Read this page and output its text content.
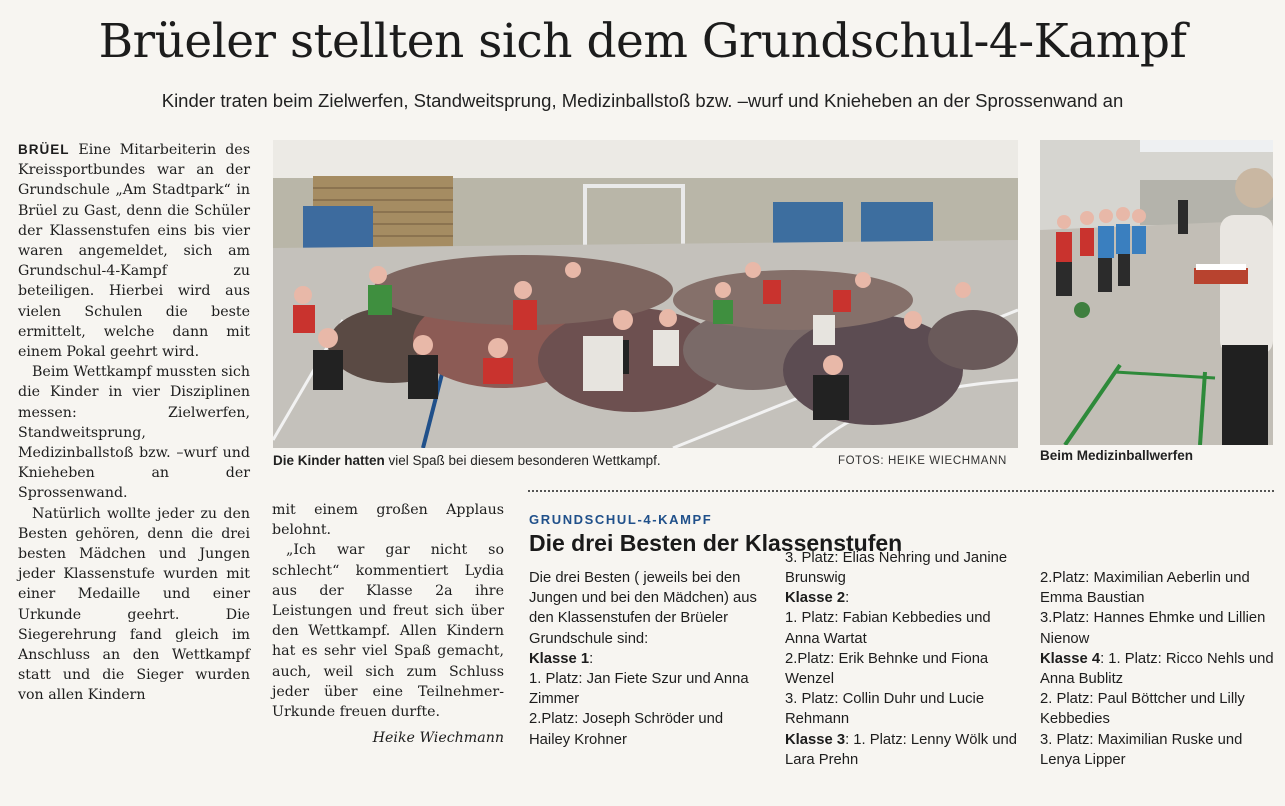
Brüeler stellten sich dem Grundschul-4-Kampf
Kinder traten beim Zielwerfen, Standweitsprung, Medizinballstoß bzw. –wurf und Knieheben an der Sprossenwand an

BRÜEL Eine Mitarbeiterin des Kreissportbundes war an der Grundschule „Am Stadtpark“ in Brüel zu Gast, denn die Schüler der Klassenstufen eins bis vier waren angemeldet, sich am Grundschul-4-Kampf zu beteiligen. Hierbei wird aus vielen Schulen die beste ermittelt, welche dann mit einem Pokal geehrt wird.

Beim Wettkampf mussten sich die Kinder in vier Disziplinen messen: Zielwerfen, Standweitsprung, Medizinballstoß bzw. –wurf und Knieheben an der Sprossenwand.

Natürlich wollte jeder zu den Besten gehören, denn die drei besten Mädchen und Jungen jeder Klassenstufe wurden mit einer Medaille und einer Urkunde geehrt. Die Siegerehrung fand gleich im Anschluss an den Wettkampf statt und die Sieger wurden von allen Kindern

Die Kinder hatten viel Spaß bei diesem besonderen Wettkampf.	FOTOS: HEIKE WIECHMANN Beim Medizinballwerfen

mit einem großen Applaus belohnt.

„Ich war gar nicht so schlecht“ kommentiert Lydia aus der Klasse 2a ihre Leistungen und freut sich über den Wettkampf. Allen Kindern hat es sehr viel Spaß gemacht, auch, weil sich zum Schluss jeder über eine Teilnehmer-Urkunde freuen durfte.

Heike Wiechmann
GRUNDSCHUL-4-KAMPF
Die drei Besten der Klassenstufen
Die drei Besten ( jeweils bei den Jungen und bei den Mädchen) aus den Klassenstufen der Brüeler Grundschule sind:
Klasse 1:
1. Platz: Jan Fiete Szur und Anna Zimmer
2.Platz: Joseph Schröder und Hailey Krohner
3. Platz: Elias Nehring und Janine Brunswig
Klasse 2:
1. Platz: Fabian Kebbedies und Anna Wartat
2.Platz: Erik Behnke und Fiona Wenzel
3. Platz: Collin Duhr und Lucie Rehmann
Klasse 3: 1. Platz: Lenny Wölk und Lara Prehn
2.Platz: Maximilian Aeberlin und Emma Baustian
3.Platz: Hannes Ehmke und Lillien Nienow
Klasse 4: 1. Platz: Ricco Nehls und Anna Bublitz
2. Platz: Paul Böttcher und Lilly Kebbedies
3. Platz: Maximilian Ruske und Lenya Lipper
